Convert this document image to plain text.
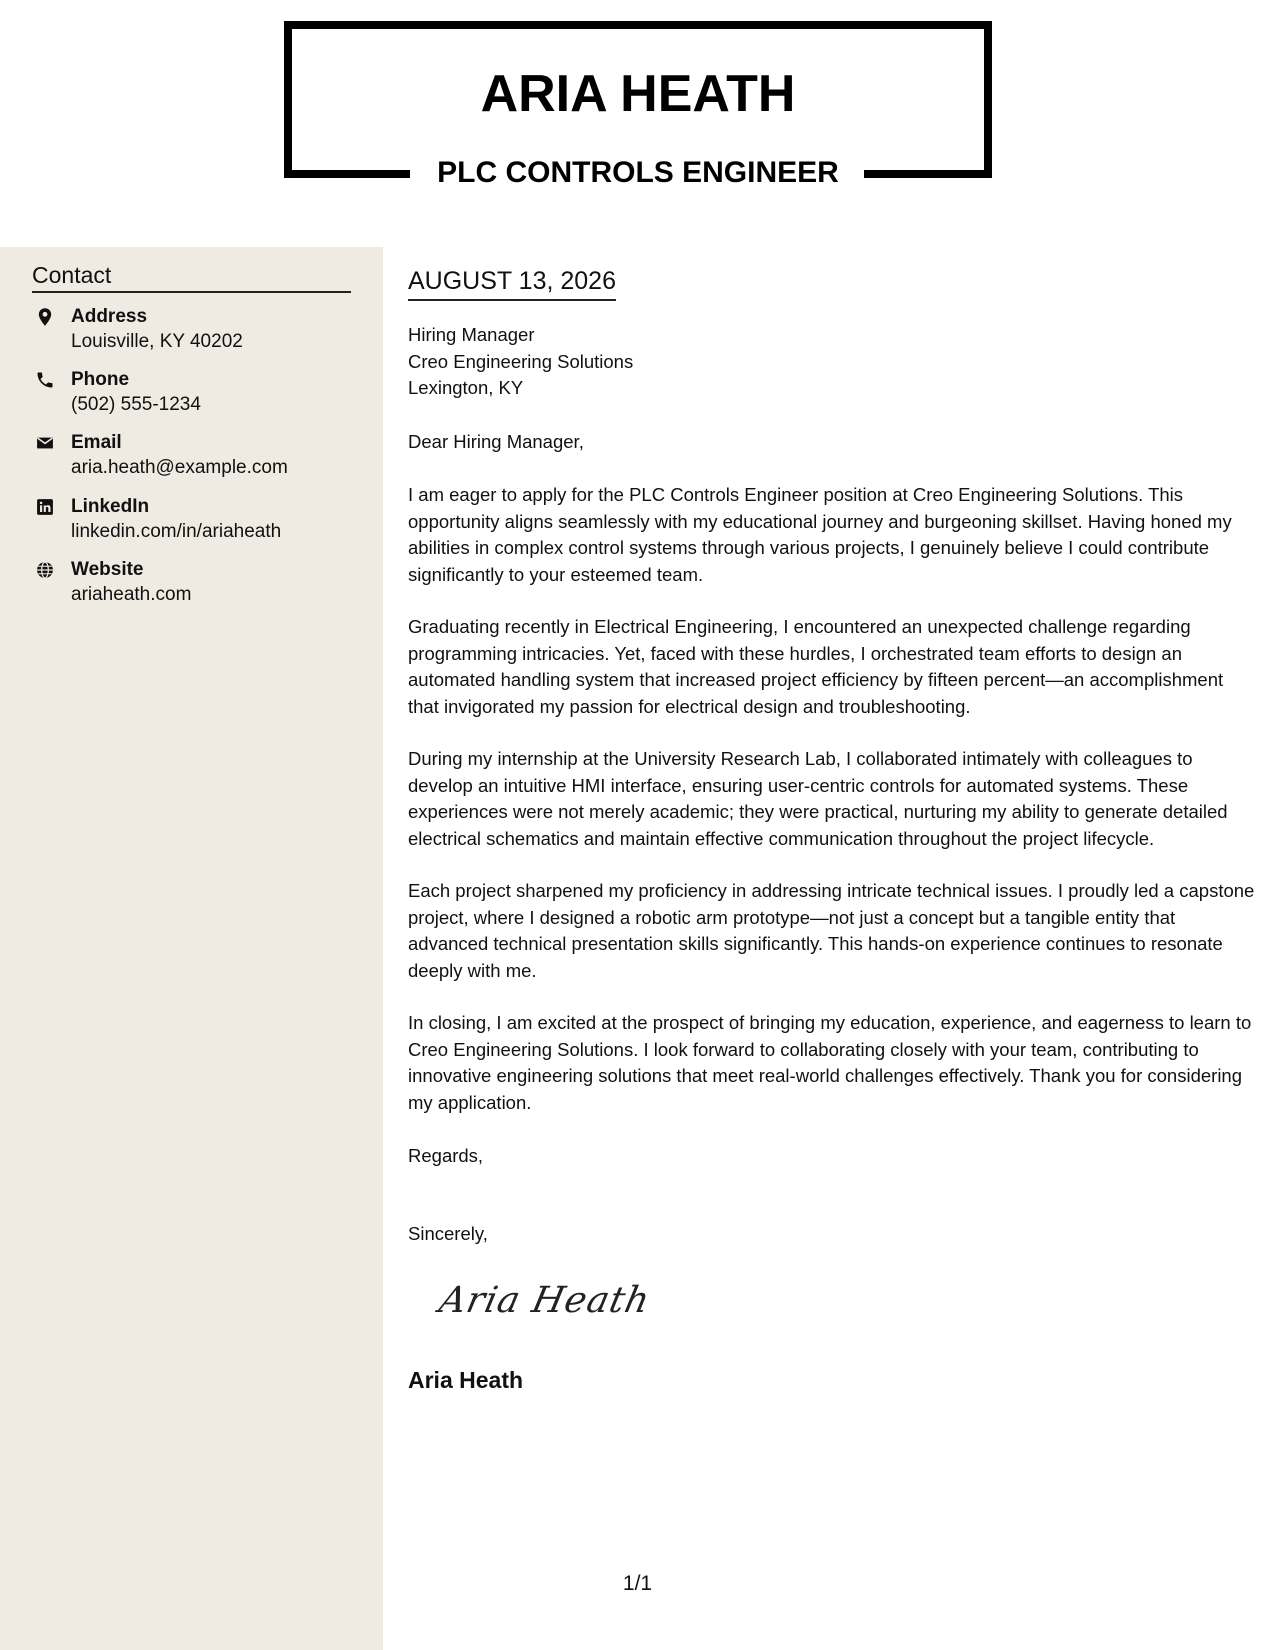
ARIA HEATH
PLC CONTROLS ENGINEER
Contact
Address
Louisville, KY 40202
Phone
(502) 555-1234
Email
aria.heath@example.com
LinkedIn
linkedin.com/in/ariaheath
Website
ariaheath.com
AUGUST 13, 2026
Hiring Manager
Creo Engineering Solutions
Lexington, KY
Dear Hiring Manager,
I am eager to apply for the PLC Controls Engineer position at Creo Engineering Solutions. This opportunity aligns seamlessly with my educational journey and burgeoning skillset. Having honed my abilities in complex control systems through various projects, I genuinely believe I could contribute significantly to your esteemed team.
Graduating recently in Electrical Engineering, I encountered an unexpected challenge regarding programming intricacies. Yet, faced with these hurdles, I orchestrated team efforts to design an automated handling system that increased project efficiency by fifteen percent—an accomplishment that invigorated my passion for electrical design and troubleshooting.
During my internship at the University Research Lab, I collaborated intimately with colleagues to develop an intuitive HMI interface, ensuring user-centric controls for automated systems. These experiences were not merely academic; they were practical, nurturing my ability to generate detailed electrical schematics and maintain effective communication throughout the project lifecycle.
Each project sharpened my proficiency in addressing intricate technical issues. I proudly led a capstone project, where I designed a robotic arm prototype—not just a concept but a tangible entity that advanced technical presentation skills significantly. This hands-on experience continues to resonate deeply with me.
In closing, I am excited at the prospect of bringing my education, experience, and eagerness to learn to Creo Engineering Solutions. I look forward to collaborating closely with your team, contributing to innovative engineering solutions that meet real-world challenges effectively. Thank you for considering my application.
Regards,
Sincerely,
Aria Heath
Aria Heath
1/1
